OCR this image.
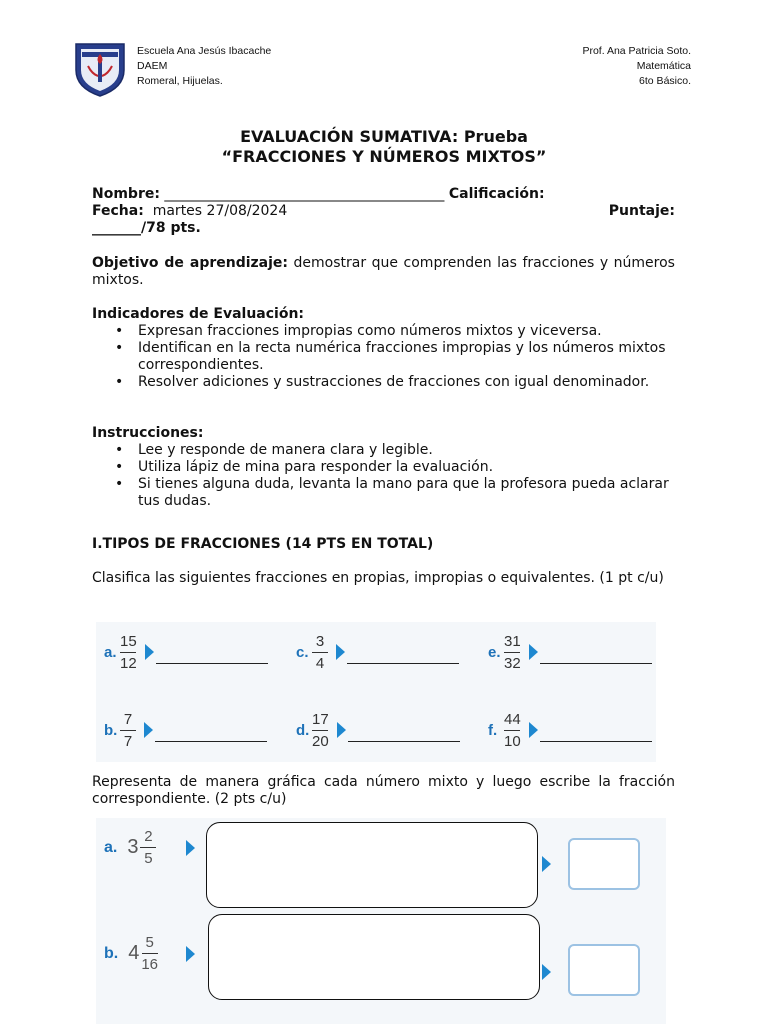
Escuela Ana Jesús Ibacache
DAEM
Romeral, Hijuelas.
Prof. Ana Patricia Soto.
Matemática
6to Básico.
EVALUACIÓN SUMATIVA: Prueba
“FRACCIONES Y NÚMEROS MIXTOS”
Nombre: ________________________________________ Calificación:
Fecha: martes 27/08/2024	Puntaje:
_______/78 pts.
Objetivo de aprendizaje: demostrar que comprenden las fracciones y números mixtos.
Indicadores de Evaluación:
• Expresan fracciones impropias como números mixtos y viceversa.
• Identifican en la recta numérica fracciones impropias y los números mixtos correspondientes.
• Resolver adiciones y sustracciones de fracciones con igual denominador.
Instrucciones:
• Lee y responde de manera clara y legible.
• Utiliza lápiz de mina para responder la evaluación.
• Si tienes alguna duda, levanta la mano para que la profesora pueda aclarar tus dudas.
I.TIPOS DE FRACCIONES (14 PTS EN TOTAL)
Clasifica las siguientes fracciones en propias, impropias o equivalentes. (1 pt c/u)
a. $\frac{15}{12}$	c. $\frac{3}{4}$	e. $\frac{31}{32}$
b. $\frac{7}{7}$	d. $\frac{17}{20}$	f. $\frac{44}{10}$
Representa de manera gráfica cada número mixto y luego escribe la fracción correspondiente. (2 pts c/u)
a. $3 \frac{2}{5}$
b. $4 \frac{5}{16}$
